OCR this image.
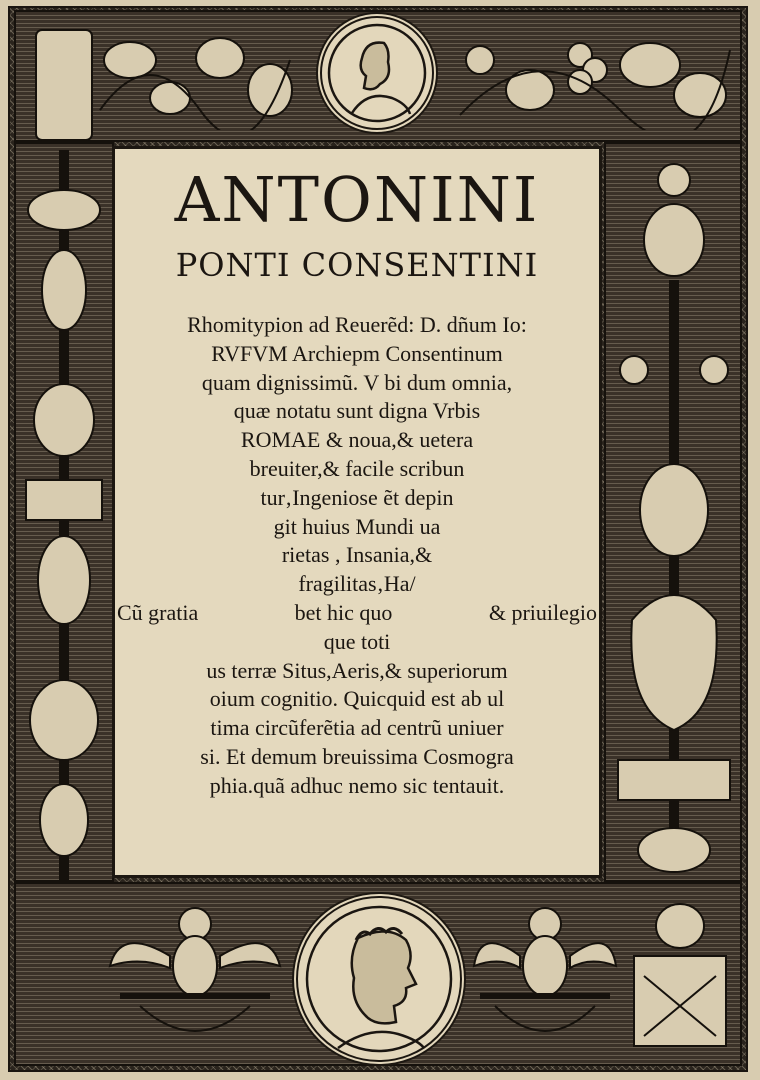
ANTONINI
PONTI CONSENTINI
Rhomitypion ad Reuerẽd: D. dñum Io:
RVFVM Archiepm Consentinum
quam dignissimũ. V bi dum omnia,
quæ notatu sunt digna Vrbis
ROMAE & noua,& uetera
breuiter,& facile scribun
tur‚Ingeniose ẽt depin
git huius Mundi ua
rietas , Insania,&
fragilitas‚Ha/
Cũ gratia	bet hic quo	& priuilegio
que toti
us terræ Situs,Aeris,& superiorum
oium cognitio. Quicquid est ab ul
tima circũferẽtia ad centrũ uniuer
si. Et demum breuissima Cosmogra
phia.quã adhuc nemo sic tentauit.
